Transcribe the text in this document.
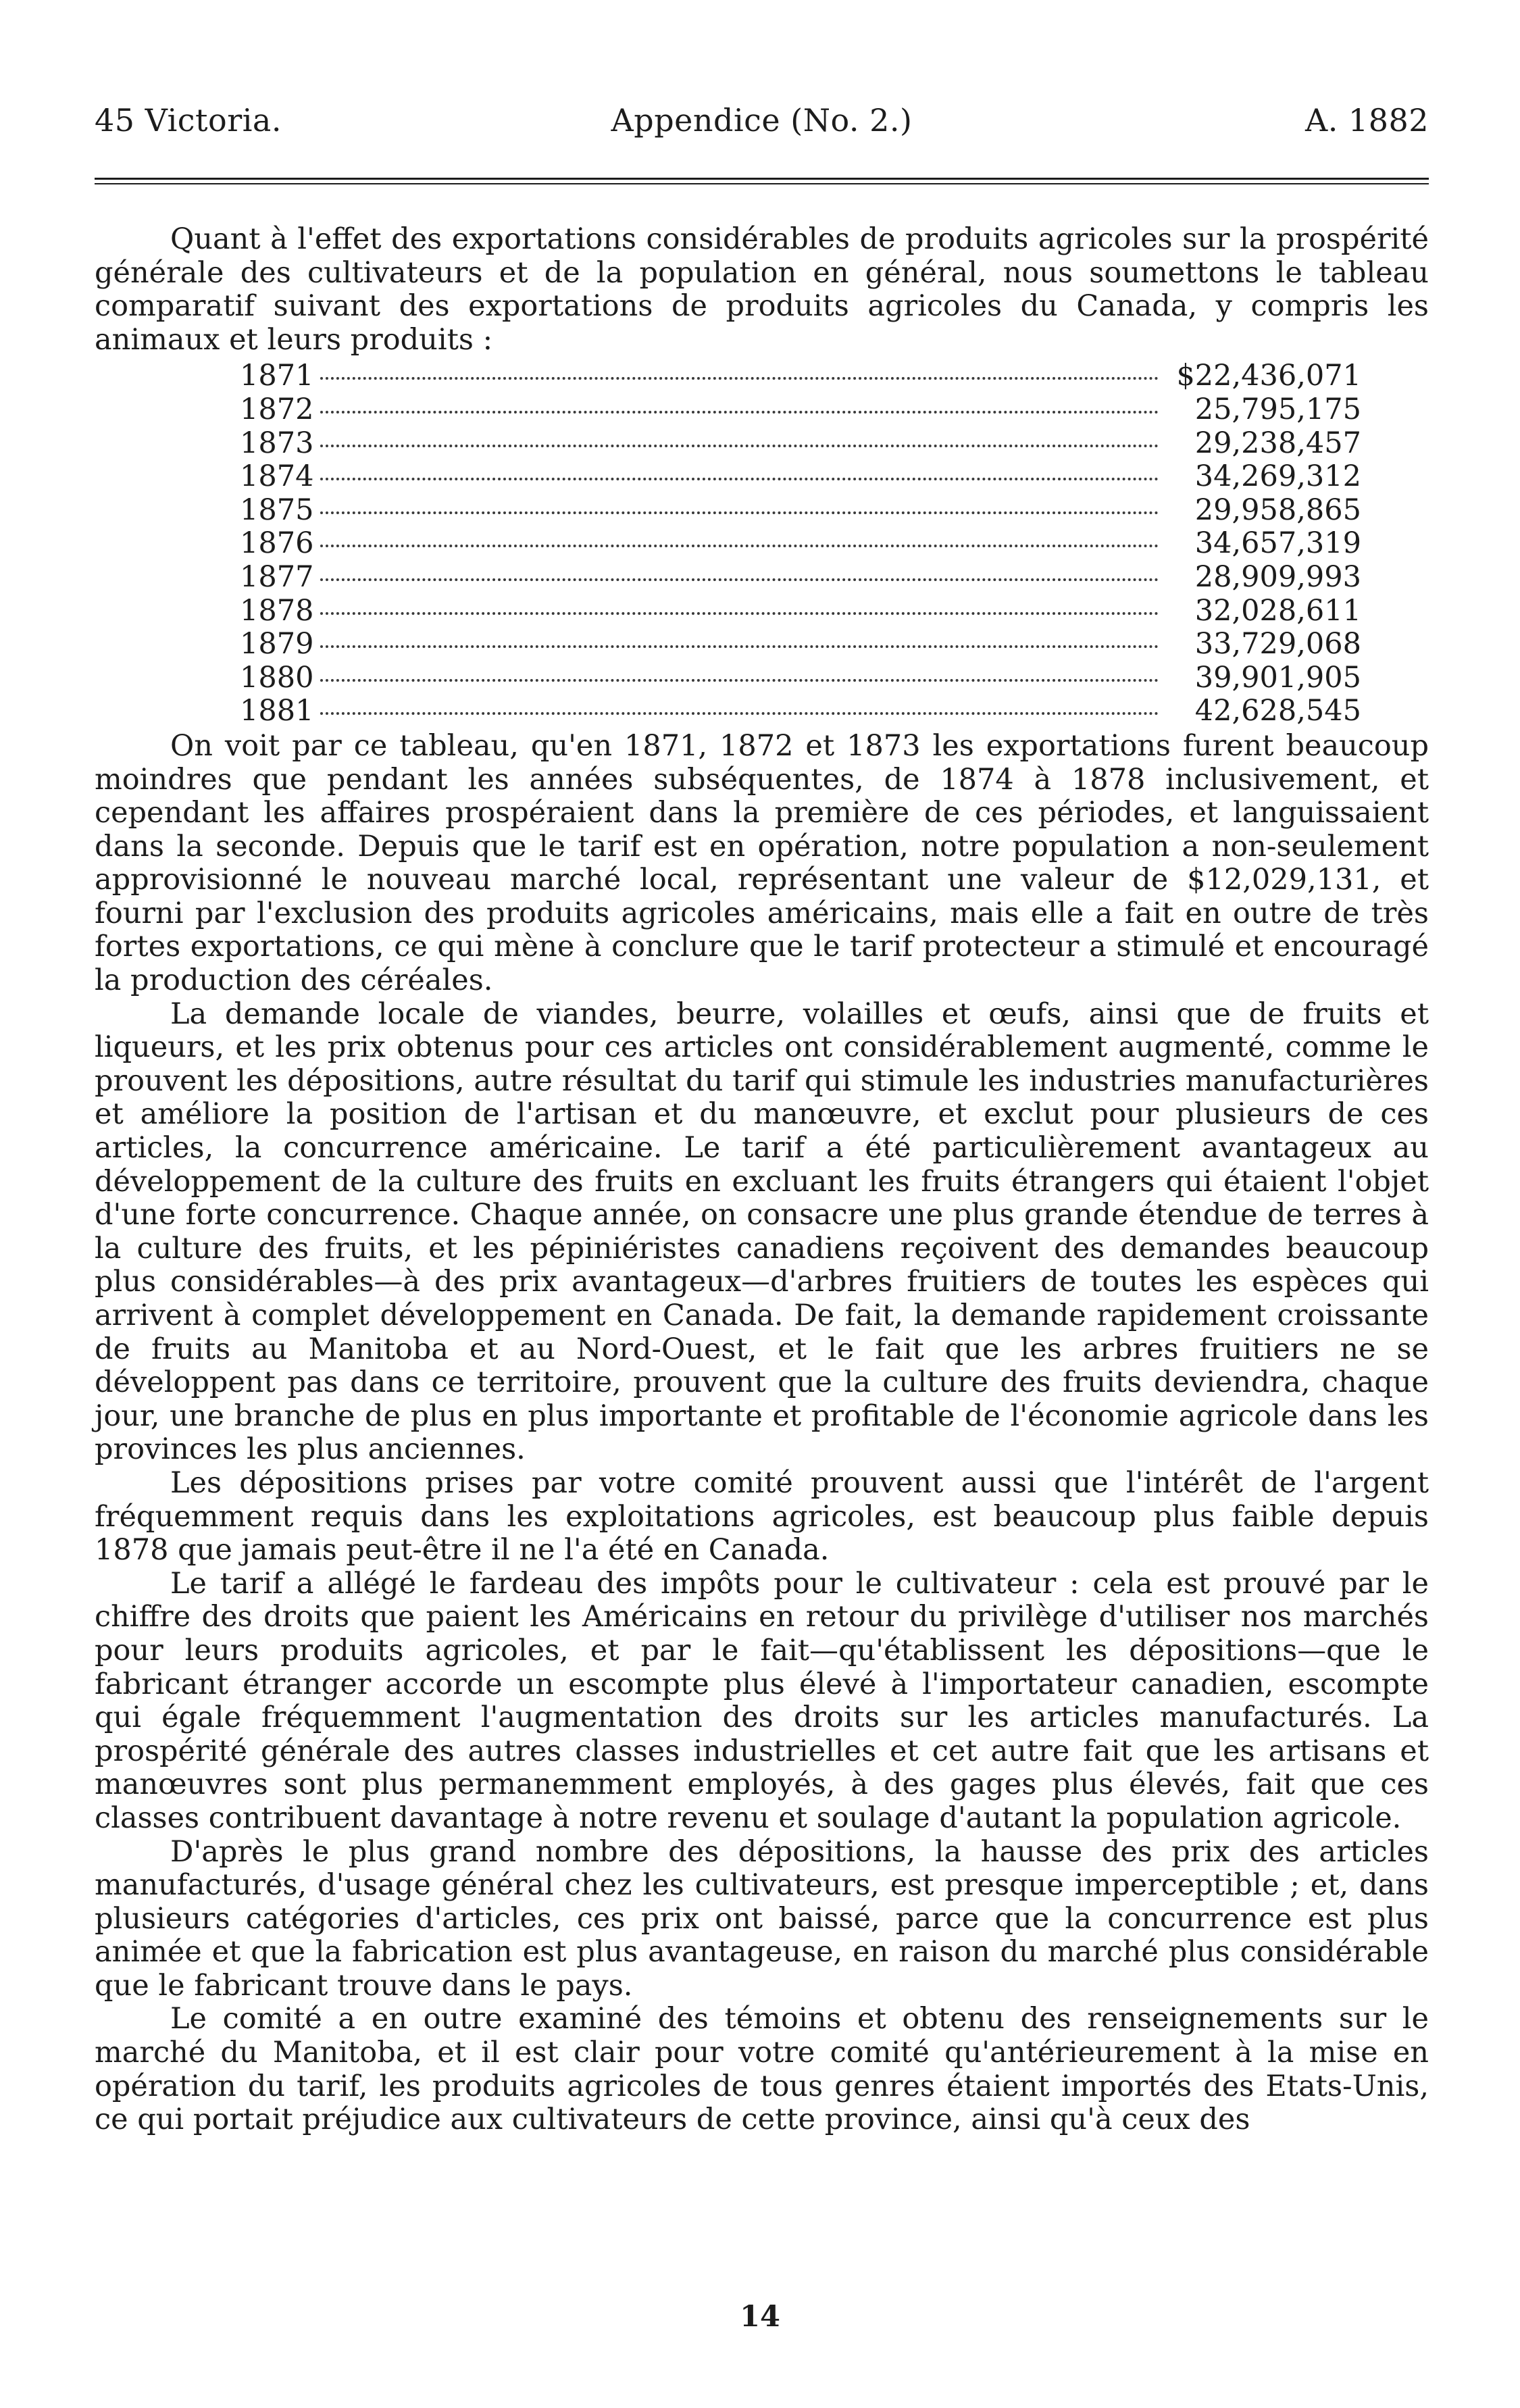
45 Victoria.	Appendice (No. 2.)	A. 1882

Quant à l'effet des exportations considérables de produits agricoles sur la prospérité générale des cultivateurs et de la population en général, nous soumettons le tableau comparatif suivant des exportations de produits agricoles du Canada, y compris les animaux et leurs produits :

1871	$22,436,071
1872	25,795,175
1873	29,238,457
1874	34,269,312
1875	29,958,865
1876	34,657,319
1877	28,909,993
1878	32,028,611
1879	33,729,068
1880	39,901,905
1881	42,628,545

On voit par ce tableau, qu'en 1871, 1872 et 1873 les exportations furent beaucoup moindres que pendant les années subséquentes, de 1874 à 1878 inclusivement, et cependant les affaires prospéraient dans la première de ces périodes, et languissaient dans la seconde. Depuis que le tarif est en opération, notre population a non-seulement approvisionné le nouveau marché local, représentant une valeur de $12,029,131, et fourni par l'exclusion des produits agricoles américains, mais elle a fait en outre de très fortes exportations, ce qui mène à conclure que le tarif protecteur a stimulé et encouragé la production des céréales.

La demande locale de viandes, beurre, volailles et œufs, ainsi que de fruits et liqueurs, et les prix obtenus pour ces articles ont considérablement augmenté, comme le prouvent les dépositions, autre résultat du tarif qui stimule les industries manufacturières et améliore la position de l'artisan et du manœuvre, et exclut pour plusieurs de ces articles, la concurrence américaine. Le tarif a été particulièrement avantageux au développement de la culture des fruits en excluant les fruits étrangers qui étaient l'objet d'une forte concurrence. Chaque année, on consacre une plus grande étendue de terres à la culture des fruits, et les pépiniéristes canadiens reçoivent des demandes beaucoup plus considérables—à des prix avantageux—d'arbres fruitiers de toutes les espèces qui arrivent à complet développement en Canada. De fait, la demande rapidement croissante de fruits au Manitoba et au Nord-Ouest, et le fait que les arbres fruitiers ne se développent pas dans ce territoire, prouvent que la culture des fruits deviendra, chaque jour, une branche de plus en plus importante et profitable de l'économie agricole dans les provinces les plus anciennes.

Les dépositions prises par votre comité prouvent aussi que l'intérêt de l'argent fréquemment requis dans les exploitations agricoles, est beaucoup plus faible depuis 1878 que jamais peut-être il ne l'a été en Canada.

Le tarif a allégé le fardeau des impôts pour le cultivateur : cela est prouvé par le chiffre des droits que paient les Américains en retour du privilège d'utiliser nos marchés pour leurs produits agricoles, et par le fait—qu'établissent les dépositions—que le fabricant étranger accorde un escompte plus élevé à l'importateur canadien, escompte qui égale fréquemment l'augmentation des droits sur les articles manufacturés. La prospérité générale des autres classes industrielles et cet autre fait que les artisans et manœuvres sont plus permanemment employés, à des gages plus élevés, fait que ces classes contribuent davantage à notre revenu et soulage d'autant la population agricole.

D'après le plus grand nombre des dépositions, la hausse des prix des articles manufacturés, d'usage général chez les cultivateurs, est presque imperceptible ; et, dans plusieurs catégories d'articles, ces prix ont baissé, parce que la concurrence est plus animée et que la fabrication est plus avantageuse, en raison du marché plus considérable que le fabricant trouve dans le pays.

Le comité a en outre examiné des témoins et obtenu des renseignements sur le marché du Manitoba, et il est clair pour votre comité qu'antérieurement à la mise en opération du tarif, les produits agricoles de tous genres étaient importés des Etats-Unis, ce qui portait préjudice aux cultivateurs de cette province, ainsi qu'à ceux des

14
